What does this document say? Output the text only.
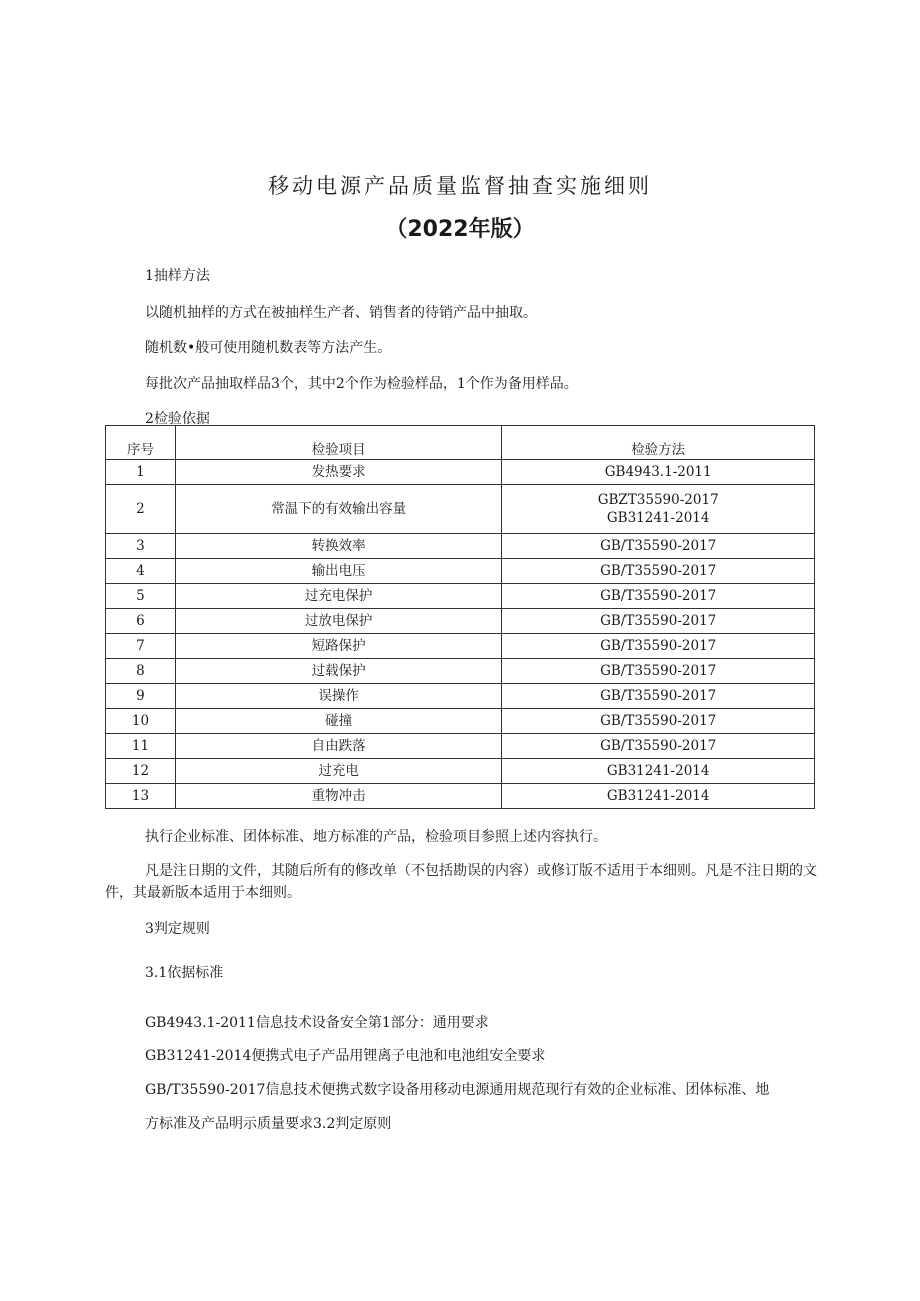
移动电源产品质量监督抽查实施细则
（2022年版）
1抽样方法
以随机抽样的方式在被抽样生产者、销售者的待销产品中抽取。
随机数•般可使用随机数表等方法产生。
每批次产品抽取样品3个，其中2个作为检验样品，1个作为备用样品。
2检验依据
序号	检验项目	检验方法
1	发热要求	GB4943.1-2011

2	常温下的有效输出容量	GBZT35590-2017
GB31241-2014

3	转换效率	GB/T35590-2017

4	输出电压	GB/T35590-2017

5	过充电保护	GB/T35590-2017

6	过放电保护	GB/T35590-2017

7	短路保护	GB/T35590-2017

8	过载保护	GB/T35590-2017

9	误操作	GB/T35590-2017

10	碰撞	GB/T35590-2017

11	自由跌落	GB/T35590-2017

12	过充电	GB31241-2014

13	重物冲击	GB31241-2014
执行企业标准、团体标准、地方标准的产品，检验项目参照上述内容执行。
凡是注日期的文件，其随后所有的修改单（不包括勘误的内容）或修订版不适用于本细则。凡是不注日期的文件，其最新版本适用于本细则。
3判定规则
3.1依据标准
GB4943.1-2011信息技术设备安全第1部分：通用要求
GB31241-2014便携式电子产品用锂离子电池和电池组安全要求
GB/T35590-2017信息技术便携式数字设备用移动电源通用规范现行有效的企业标准、团体标准、地
方标准及产品明示质量要求3.2判定原则
